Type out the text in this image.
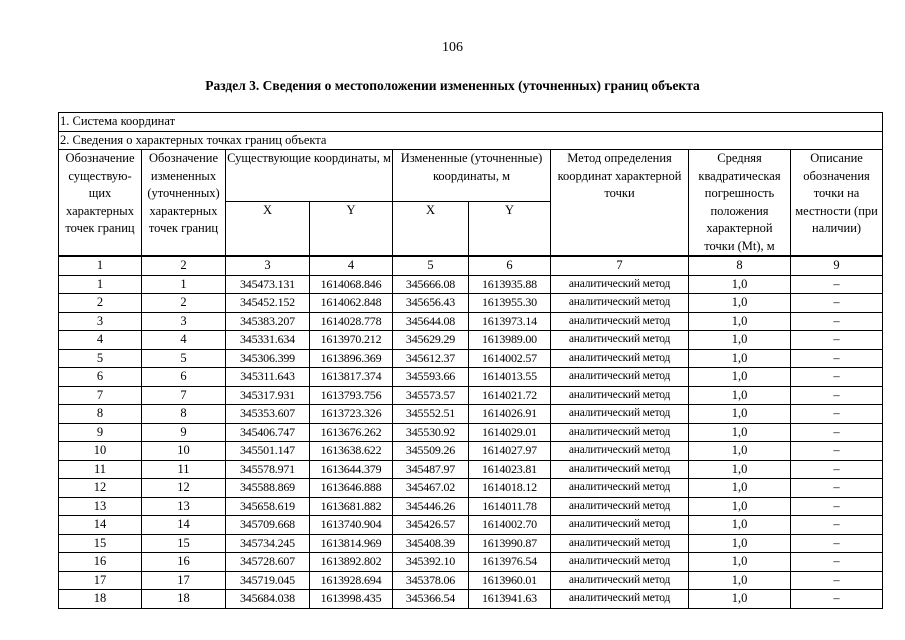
106
Раздел 3. Сведения о местоположении измененных (уточненных) границ объекта
1. Система координат								
2. Сведения о характерных точках границ объекта								
Обозначение существую-щих характерных точек границ	Обозначение измененных (уточненных) характерных точек границ	Существующие координаты, м		Измененные (уточненные) координаты, м		Метод определения координат характерной точки	Средняя квадратическая погрешность положения характерной точки (Mt), м	Описание обозначения точки на местности (при наличии)
		X	Y	X	Y			
1	2	3	4	5	6	7	8	9
1	1	345473.131	1614068.846	345666.08	1613935.88	аналитический метод	1,0	–
2	2	345452.152	1614062.848	345656.43	1613955.30	аналитический метод	1,0	–
3	3	345383.207	1614028.778	345644.08	1613973.14	аналитический метод	1,0	–
4	4	345331.634	1613970.212	345629.29	1613989.00	аналитический метод	1,0	–
5	5	345306.399	1613896.369	345612.37	1614002.57	аналитический метод	1,0	–
6	6	345311.643	1613817.374	345593.66	1614013.55	аналитический метод	1,0	–
7	7	345317.931	1613793.756	345573.57	1614021.72	аналитический метод	1,0	–
8	8	345353.607	1613723.326	345552.51	1614026.91	аналитический метод	1,0	–
9	9	345406.747	1613676.262	345530.92	1614029.01	аналитический метод	1,0	–
10	10	345501.147	1613638.622	345509.26	1614027.97	аналитический метод	1,0	–
11	11	345578.971	1613644.379	345487.97	1614023.81	аналитический метод	1,0	–
12	12	345588.869	1613646.888	345467.02	1614018.12	аналитический метод	1,0	–
13	13	345658.619	1613681.882	345446.26	1614011.78	аналитический метод	1,0	–
14	14	345709.668	1613740.904	345426.57	1614002.70	аналитический метод	1,0	–
15	15	345734.245	1613814.969	345408.39	1613990.87	аналитический метод	1,0	–
16	16	345728.607	1613892.802	345392.10	1613976.54	аналитический метод	1,0	–
17	17	345719.045	1613928.694	345378.06	1613960.01	аналитический метод	1,0	–
18	18	345684.038	1613998.435	345366.54	1613941.63	аналитический метод	1,0	–
